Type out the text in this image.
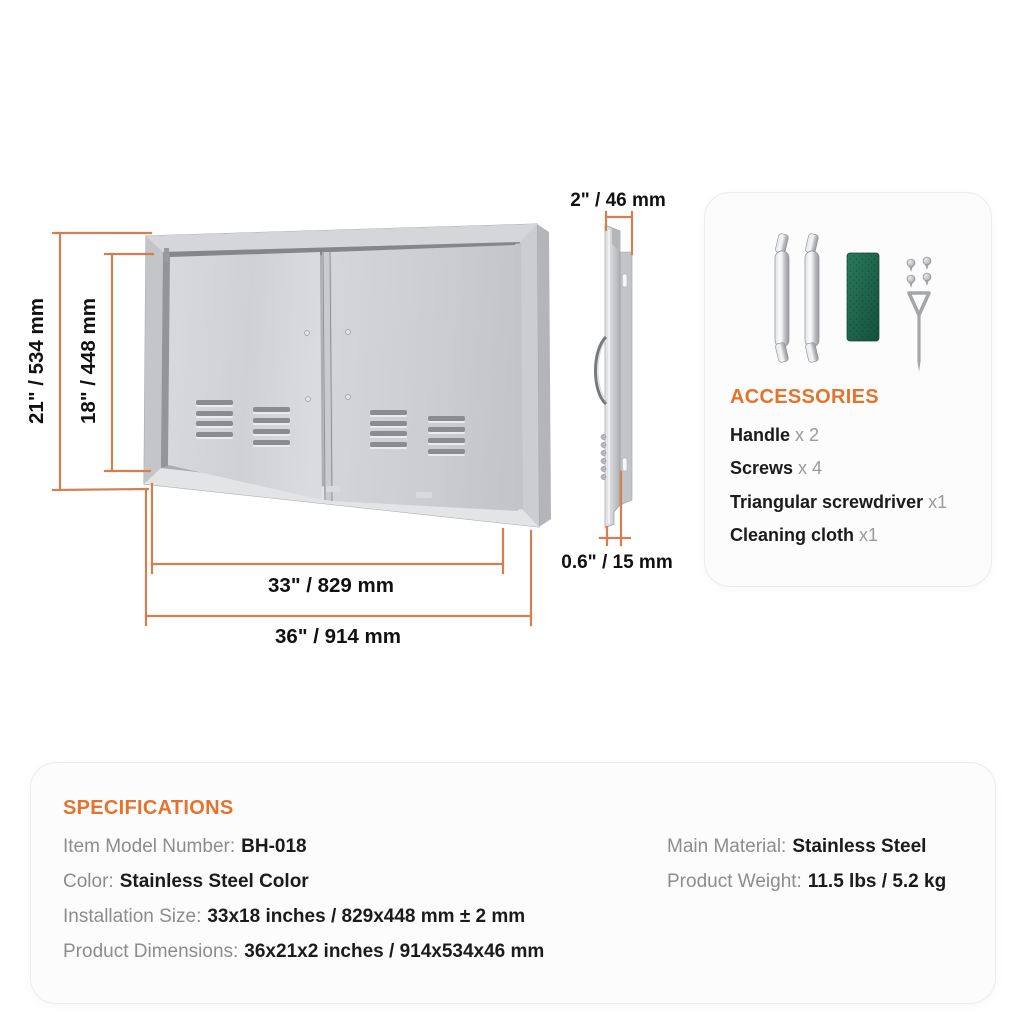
21" / 534 mm 18" / 448 mm
33" / 829 mm
36" / 914 mm
2" / 46 mm
0.6" / 15 mm
ACCESSORIES
Handle x 2
Screws x 4
Triangular screwdriver x1
Cleaning cloth x1
SPECIFICATIONS
Item Model Number: BH-018
Color: Stainless Steel Color
Installation Size: 33x18 inches / 829x448 mm ± 2 mm
Product Dimensions: 36x21x2 inches / 914x534x46 mm
Main Material: Stainless Steel
Product Weight: 11.5 lbs / 5.2 kg
